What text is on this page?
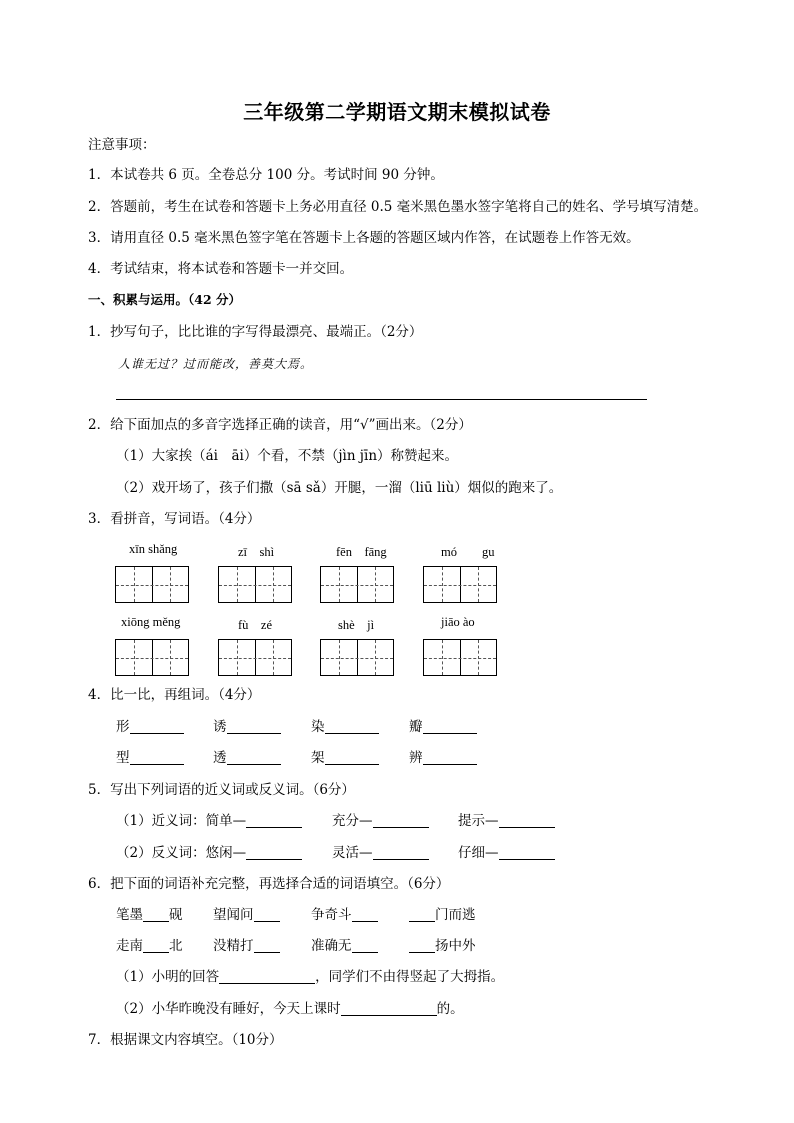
三年级第二学期语文期末模拟试卷
注意事项：
1．本试卷共 6 页。全卷总分 100 分。考试时间 90 分钟。
2．答题前，考生在试卷和答题卡上务必用直径 0.5 毫米黑色墨水签字笔将自己的姓名、学号填写清楚。
3．请用直径 0.5 毫米黑色签字笔在答题卡上各题的答题区域内作答，在试题卷上作答无效。
4．考试结束，将本试卷和答题卡一并交回。
一、积累与运用。（42 分）
1．抄写句子，比比谁的字写得最漂亮、最端正。（2分）
人谁无过？过而能改，善莫大焉。
2．给下面加点的多音字选择正确的读音，用“√”画出来。（2分）
（1）大家挨（ái　āi）个看，不禁（jìn jīn）称赞起来。
（2）戏开场了，孩子们撒（sā sǎ）开腿，一溜（liū liù）烟似的跑来了。
3．看拼音，写词语。（4分）
xīn shǎng	zī　shì	fēn　fāng	mó　　gu
xiōng měng	fù　zé	shè　jì	jiāo ào
4．比一比，再组词。（4分）
形	诱	染	瓣
型	透	架	辨
5．写出下列词语的近义词或反义词。（6分）
（1）近义词：简单—	充分—	提示—
（2）反义词：悠闲—	灵活—	仔细—
6．把下面的词语补充完整，再选择合适的词语填空。（6分）
笔墨 砚 望闻问	争奇斗	门而逃
走南 北 没精打	准确无	扬中外
（1）小明的回答	，同学们不由得竖起了大拇指。
（2）小华昨晚没有睡好，今天上课时	的。
7．根据课文内容填空。（10分）
